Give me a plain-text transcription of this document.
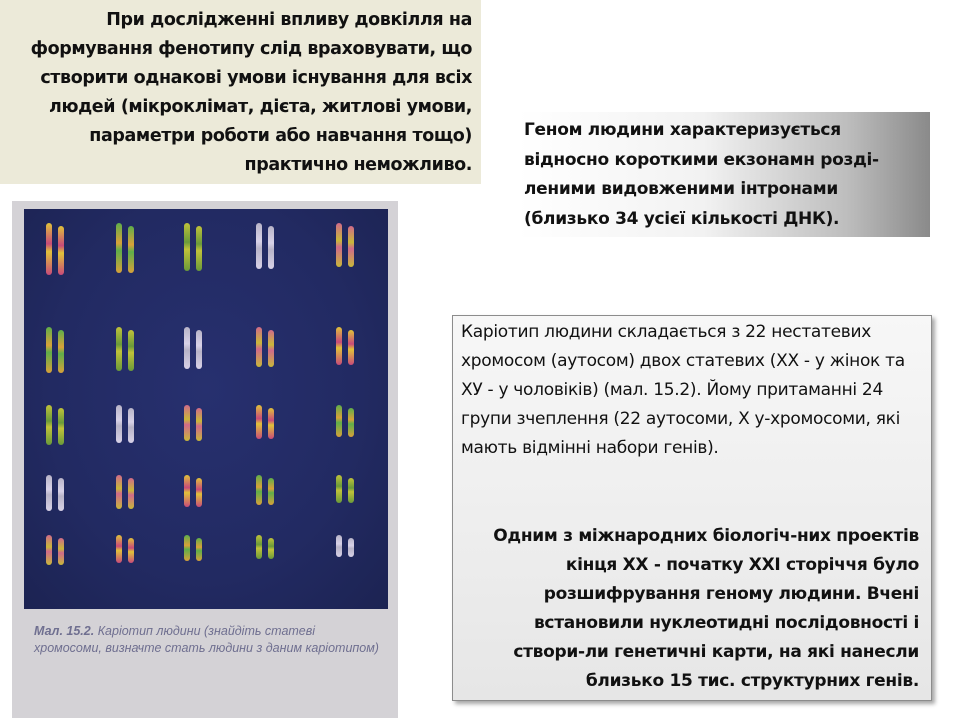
При дослідженні впливу довкілля на формування фенотипу слід враховувати, що створити однакові умови існування для всіх людей (мікроклімат, дієта, житлові умови, параметри роботи або навчання тощо) практично неможливо.
Геном людини характеризується відносно короткими екзонамн розді-леними видовженими інтронами (близько 34 усієї кількості ДНК).
Мал. 15.2. Каріотип людини (знайдіть статеві хромосоми, визначте стать людини з даним каріотипом)
Каріотип людини складається з 22 нестатевих хромосом (аутосом) двох статевих (XX - у жінок та ХУ - у чоловіків) (мал. 15.2). Йому притаманні 24 групи зчеплення (22 аутосоми, X у-хромосоми, які мають відмінні набори генів).
Одним з міжнародних біологіч-них проектів кінця XX - початку XXI сторіччя було розшифрування геному людини. Вчені встановили нуклеотидні послідовності і створи-ли генетичні карти, на які нанесли близько 15 тис. структурних генів.
